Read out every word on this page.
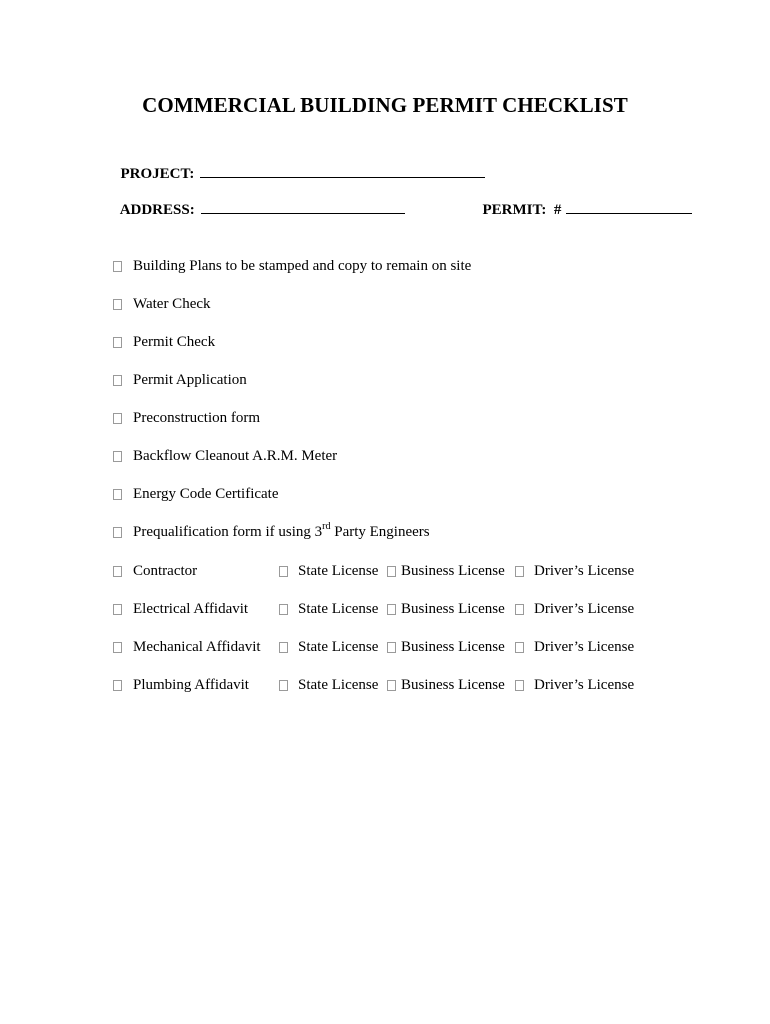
COMMERCIAL BUILDING PERMIT CHECKLIST

PROJECT:

ADDRESS:	PERMIT:  #

Building Plans to be stamped and copy to remain on site
Water Check
Permit Check
Permit Application
Preconstruction form
Backflow Cleanout A.R.M. Meter
Energy Code Certificate
Prequalification form if using 3rd Party Engineers
Contractor	State License Business License Driver’s License
Electrical Affidavit	State License Business License Driver’s License
Mechanical Affidavit State License Business License Driver’s License
Plumbing Affidavit	State License Business License Driver’s License
